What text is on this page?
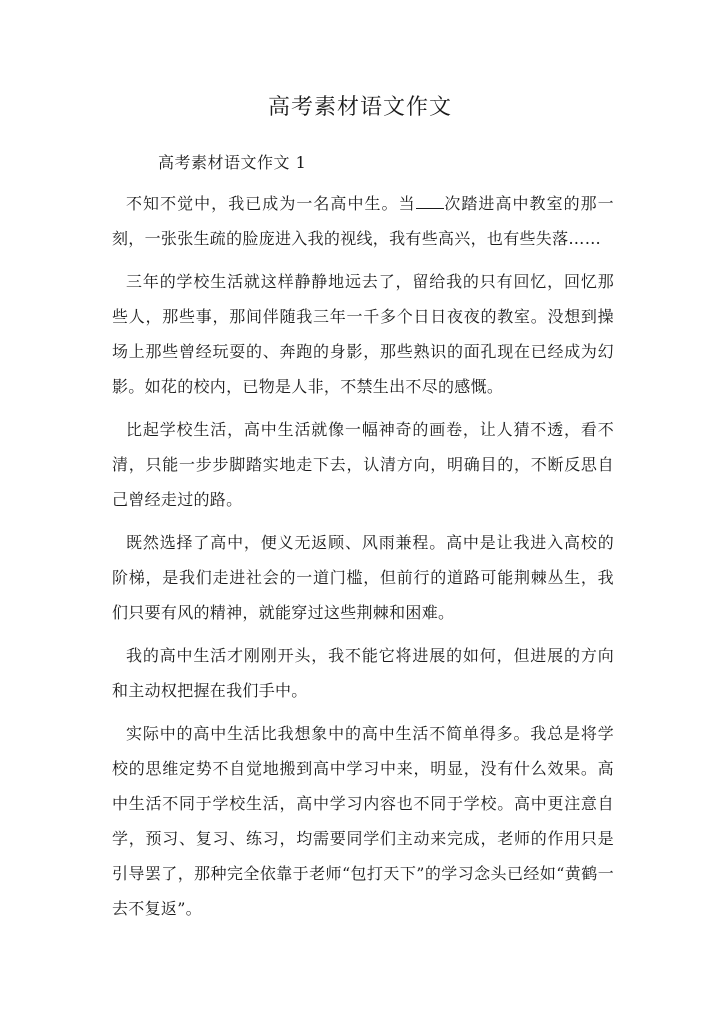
高考素材语文作文

高考素材语文作文 1

不知不觉中，我已成为一名高中生。当 次踏进高中教室的那一刻，一张张生疏的脸庞进入我的视线，我有些高兴，也有些失落……

三年的学校生活就这样静静地远去了，留给我的只有回忆，回忆那些人，那些事，那间伴随我三年一千多个日日夜夜的教室。没想到操场上那些曾经玩耍的、奔跑的身影，那些熟识的面孔现在已经成为幻影。如花的校内，已物是人非，不禁生出不尽的感慨。

比起学校生活，高中生活就像一幅神奇的画卷，让人猜不透，看不清，只能一步步脚踏实地走下去，认清方向，明确目的，不断反思自己曾经走过的路。

既然选择了高中，便义无返顾、风雨兼程。高中是让我进入高校的阶梯，是我们走进社会的一道门槛，但前行的道路可能荆棘丛生，我们只要有风的精神，就能穿过这些荆棘和困难。

我的高中生活才刚刚开头，我不能它将进展的如何，但进展的方向和主动权把握在我们手中。

实际中的高中生活比我想象中的高中生活不简单得多。我总是将学校的思维定势不自觉地搬到高中学习中来，明显，没有什么效果。高中生活不同于学校生活，高中学习内容也不同于学校。高中更注意自学，预习、复习、练习，均需要同学们主动来完成，老师的作用只是引导罢了，那种完全依靠于老师“包打天下”的学习念头已经如“黄鹤一去不复返”。
